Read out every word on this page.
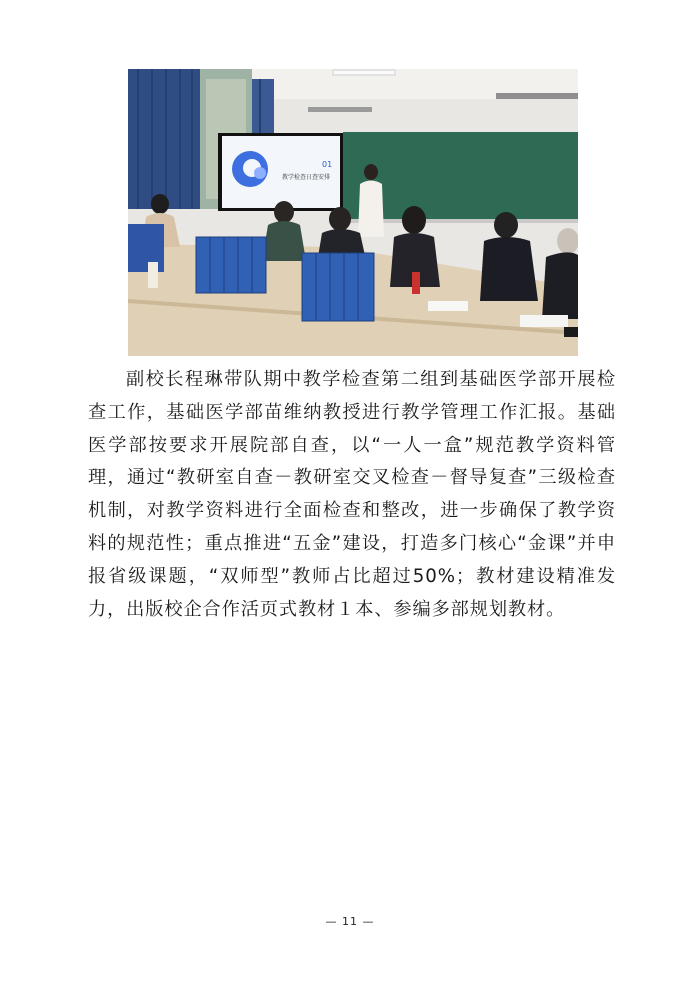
01
教学检查日查安排

副校长程琳带队期中教学检查第二组到基础医学部开展检查工作，基础医学部苗维纳教授进行教学管理工作汇报。基础医学部按要求开展院部自查，以“一人一盒”规范教学资料管理，通过“教研室自查－教研室交叉检查－督导复查”三级检查机制，对教学资料进行全面检查和整改，进一步确保了教学资料的规范性；重点推进“五金”建设，打造多门核心“金课”并申报省级课题，“双师型”教师占比超过50%；教材建设精准发力，出版校企合作活页式教材１本、参编多部规划教材。

— 11 —
